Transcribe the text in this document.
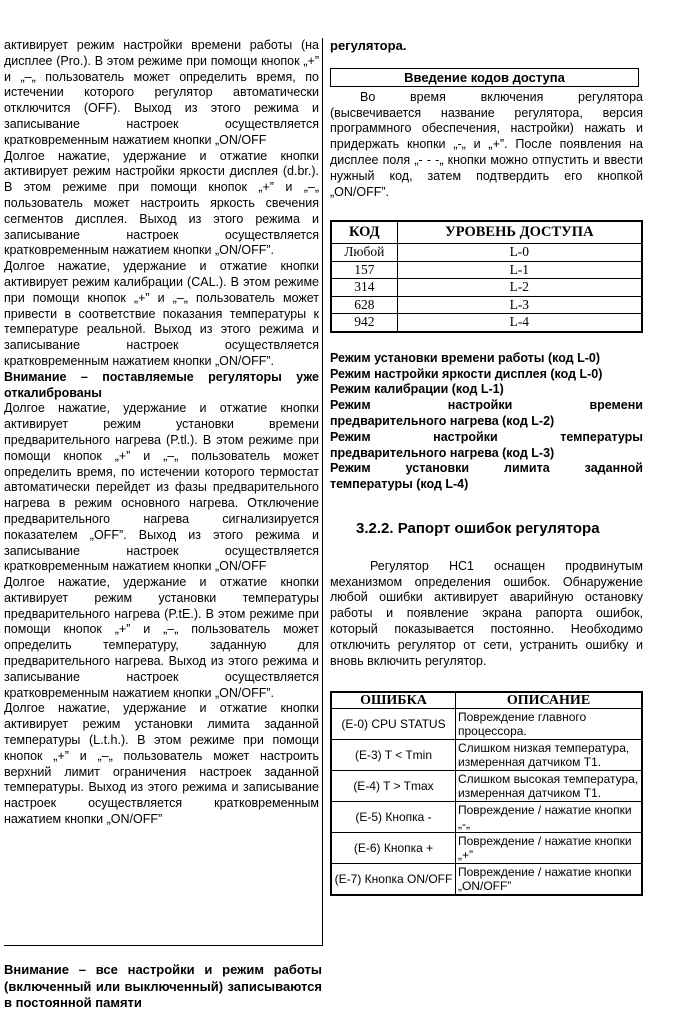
активирует режим настройки времени работы (на дисплее (Pro.). В этом режиме при помощи кнопок „+” и „–„ пользователь может определить время, по истечении которого регулятор автоматически отключится (OFF). Выход из этого режима и записывание настроек осуществляется кратковременным нажатием кнопки „ON/OFF

Долгое нажатие, удержание и отжатие кнопки активирует режим настройки яркости дисплея (d.br.). В этом режиме при помощи кнопок „+” и „–„ пользователь может настроить яркость свечения сегментов дисплея. Выход из этого режима и записывание настроек осуществляется кратковременным нажатием кнопки „ON/OFF”.

Долгое нажатие, удержание и отжатие кнопки активирует режим калибрации (CAL.). В этом режиме при помощи кнопок „+” и „–„ пользователь может привести в соответствие показания температуры к температуре реальной. Выход из этого режима и записывание настроек осуществляется кратковременным нажатием кнопки „ON/OFF”.

Внимание – поставляемые регуляторы уже откалиброваны

Долгое нажатие, удержание и отжатие кнопки активирует режим установки времени предварительного нагрева (P.tl.). В этом режиме при помощи кнопок „+” и „–„ пользователь может определить время, по истечении которого термостат автоматически перейдет из фазы предварительного нагрева в режим основного нагрева. Отключение предварительного нагрева сигнализируется показателем „OFF”. Выход из этого режима и записывание настроек осуществляется кратковременным нажатием кнопки „ON/OFF

Долгое нажатие, удержание и отжатие кнопки активирует режим установки температуры предварительного нагрева (P.tE.). В этом режиме при помощи кнопок „+” и „–„ пользователь может определить температуру, заданную для предварительного нагрева. Выход из этого режима и записывание настроек осуществляется кратковременным нажатием кнопки „ON/OFF”.

Долгое нажатие, удержание и отжатие кнопки активирует режим установки лимита заданной температуры (L.t.h.). В этом режиме при помощи кнопок „+” и „–„ пользователь может настроить верхний лимит ограничения настроек заданной температуры. Выход из этого режима и записывание настроек осуществляется кратковременным нажатием кнопки „ON/OFF”

Внимание – все настройки и режим работы (включенный или выключенный) записываются в постоянной памяти

регулятора.

Введение кодов доступа

Во время включения регулятора (высвечивается название регулятора, версия программного обеспечения, настройки) нажать и придержать кнопки „-„ и „+”. После появления на дисплее поля „- - -„ кнопки можно отпустить и ввести нужный код, затем подтвердить его кнопкой „ON/OFF”.

КОД	УРОВЕНЬ ДОСТУПА
Любой	L-0
157	L-1
314	L-2
628	L-3
942	L-4

Режим установки времени работы (код L-0)

Режим настройки яркости дисплея (код L-0)

Режим калибрации (код L-1)

Режим настройки времени

предварительного нагрева (код L-2)

Режим настройки температуры

предварительного нагрева (код L-3)

Режим установки лимита заданной

температуры (код L-4)

3.2.2. Рапорт ошибок регулятора

Регулятор HC1 оснащен продвинутым механизмом определения ошибок. Обнаружение любой ошибки активирует аварийную остановку работы и появление экрана рапорта ошибок, который показывается постоянно. Необходимо отключить регулятор от сети, устранить ошибку и вновь включить регулятор.

ОШИБКА	ОПИСАНИЕ
(E-0) CPU STATUS	Повреждение главного процессора.
(E-3) T < Tmin	Слишком низкая температура, измеренная датчиком T1.
(E-4) T > Tmax	Слишком высокая температура, измеренная датчиком T1.
(E-5) Кнопка -	Повреждение / нажатие кнопки „-„
(E-6) Кнопка +	Повреждение / нажатие кнопки „+”
(E-7) Кнопка ON/OFF	Повреждение / нажатие кнопки „ON/OFF”
